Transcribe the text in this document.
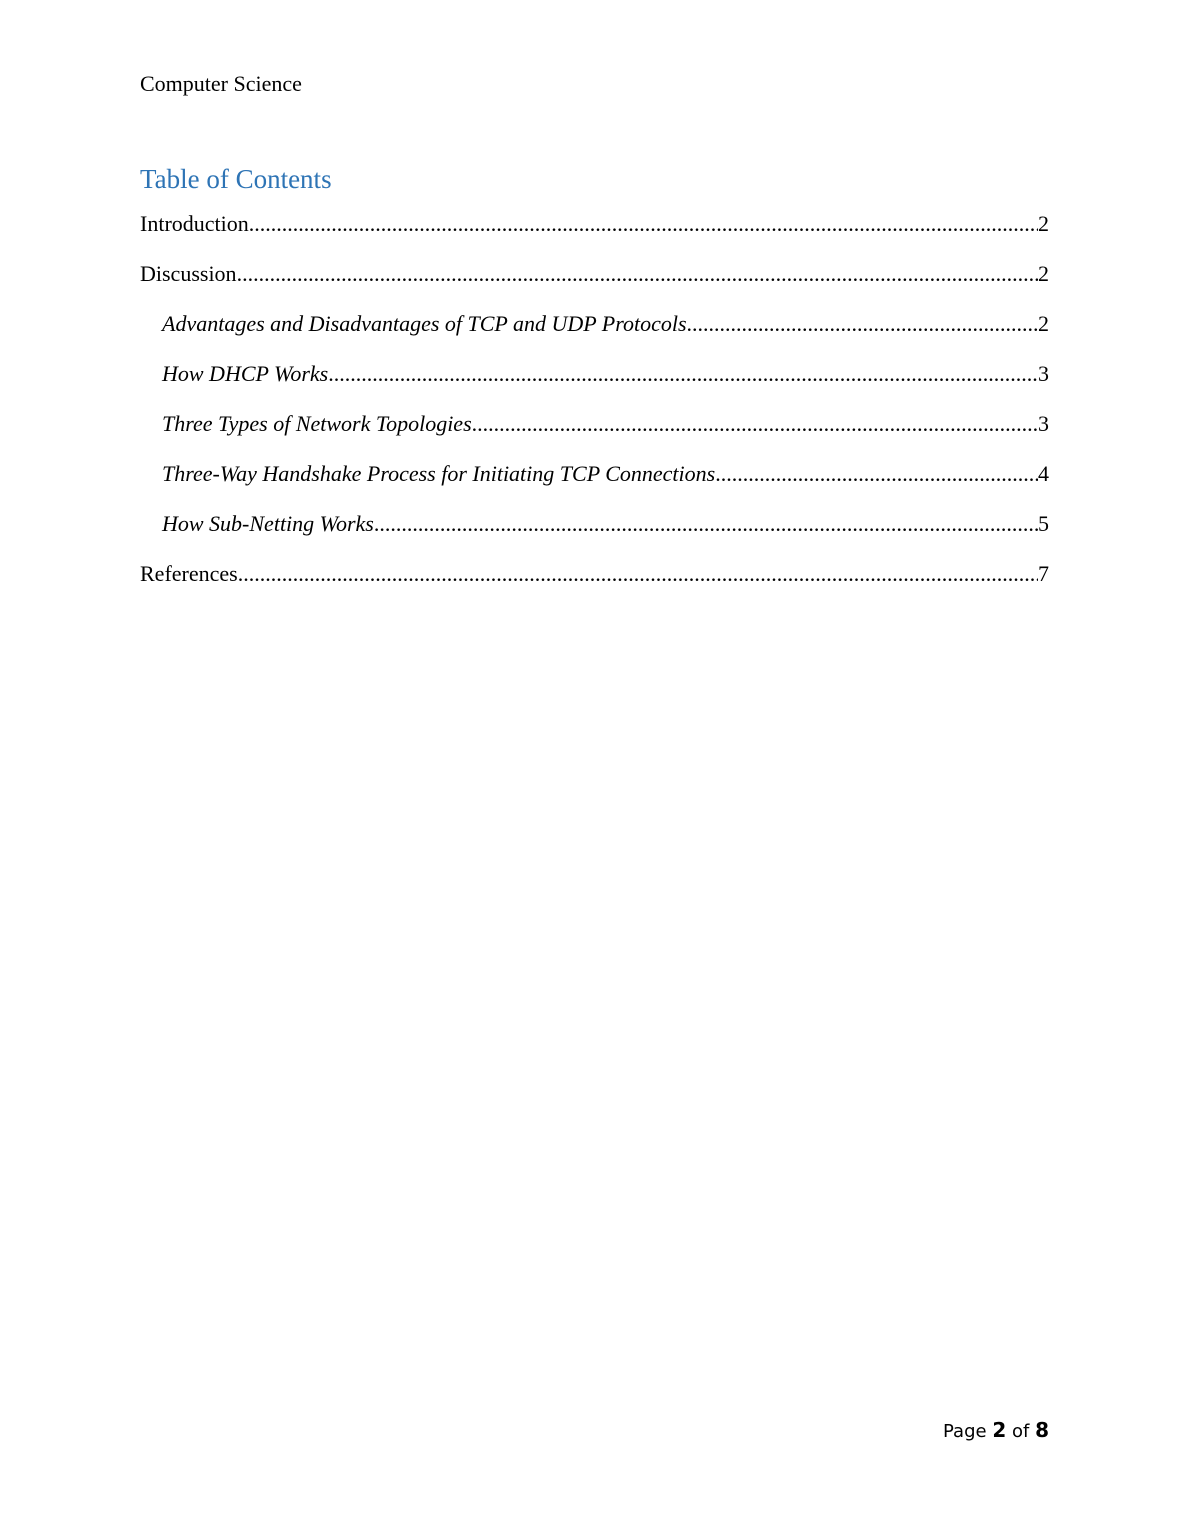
Computer Science
Table of Contents
Introduction .....	2
Discussion .....	2
Advantages and Disadvantages of TCP and UDP Protocols .....	2
How DHCP Works .....	3
Three Types of Network Topologies .....	3
Three-Way Handshake Process for Initiating TCP Connections .....	4
How Sub-Netting Works .....	5
References .....	7
Page 2 of 8
